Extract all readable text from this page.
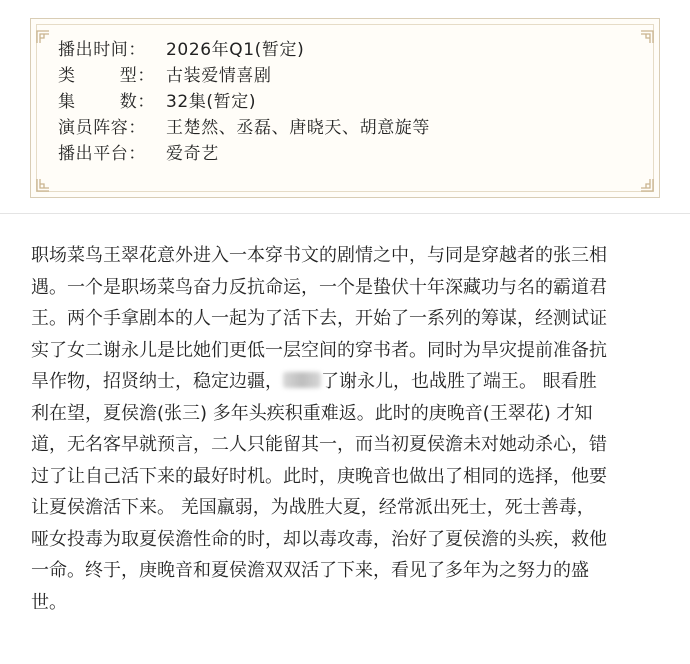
播出时间： 2026年Q1(暂定)
类	型： 古装爱情喜剧
集	数： 32集(暂定)
演员阵容： 王楚然、丞磊、唐晓天、胡意旋等
播出平台： 爱奇艺
职场菜鸟王翠花意外进入一本穿书文的剧情之中，与同是穿越者的张三相
遇。一个是职场菜鸟奋力反抗命运，一个是蛰伏十年深藏功与名的霸道君
王。两个手拿剧本的人一起为了活下去，开始了一系列的筹谋，经测试证
实了女二谢永儿是比她们更低一层空间的穿书者。同时为旱灾提前准备抗
旱作物，招贤纳士，稳定边疆， 了谢永儿，也战胜了端王。 眼看胜
利在望，夏侯澹(张三) 多年头疾积重难返。此时的庚晚音(王翠花) 才知
道，无名客早就预言，二人只能留其一，而当初夏侯澹未对她动杀心，错
过了让自己活下来的最好时机。此时，庚晚音也做出了相同的选择，他要
让夏侯澹活下来。 羌国羸弱，为战胜大夏，经常派出死士，死士善毒，
哑女投毒为取夏侯澹性命的时，却以毒攻毒，治好了夏侯澹的头疾，救他
一命。终于，庚晚音和夏侯澹双双活了下来，看见了多年为之努力的盛
世。
